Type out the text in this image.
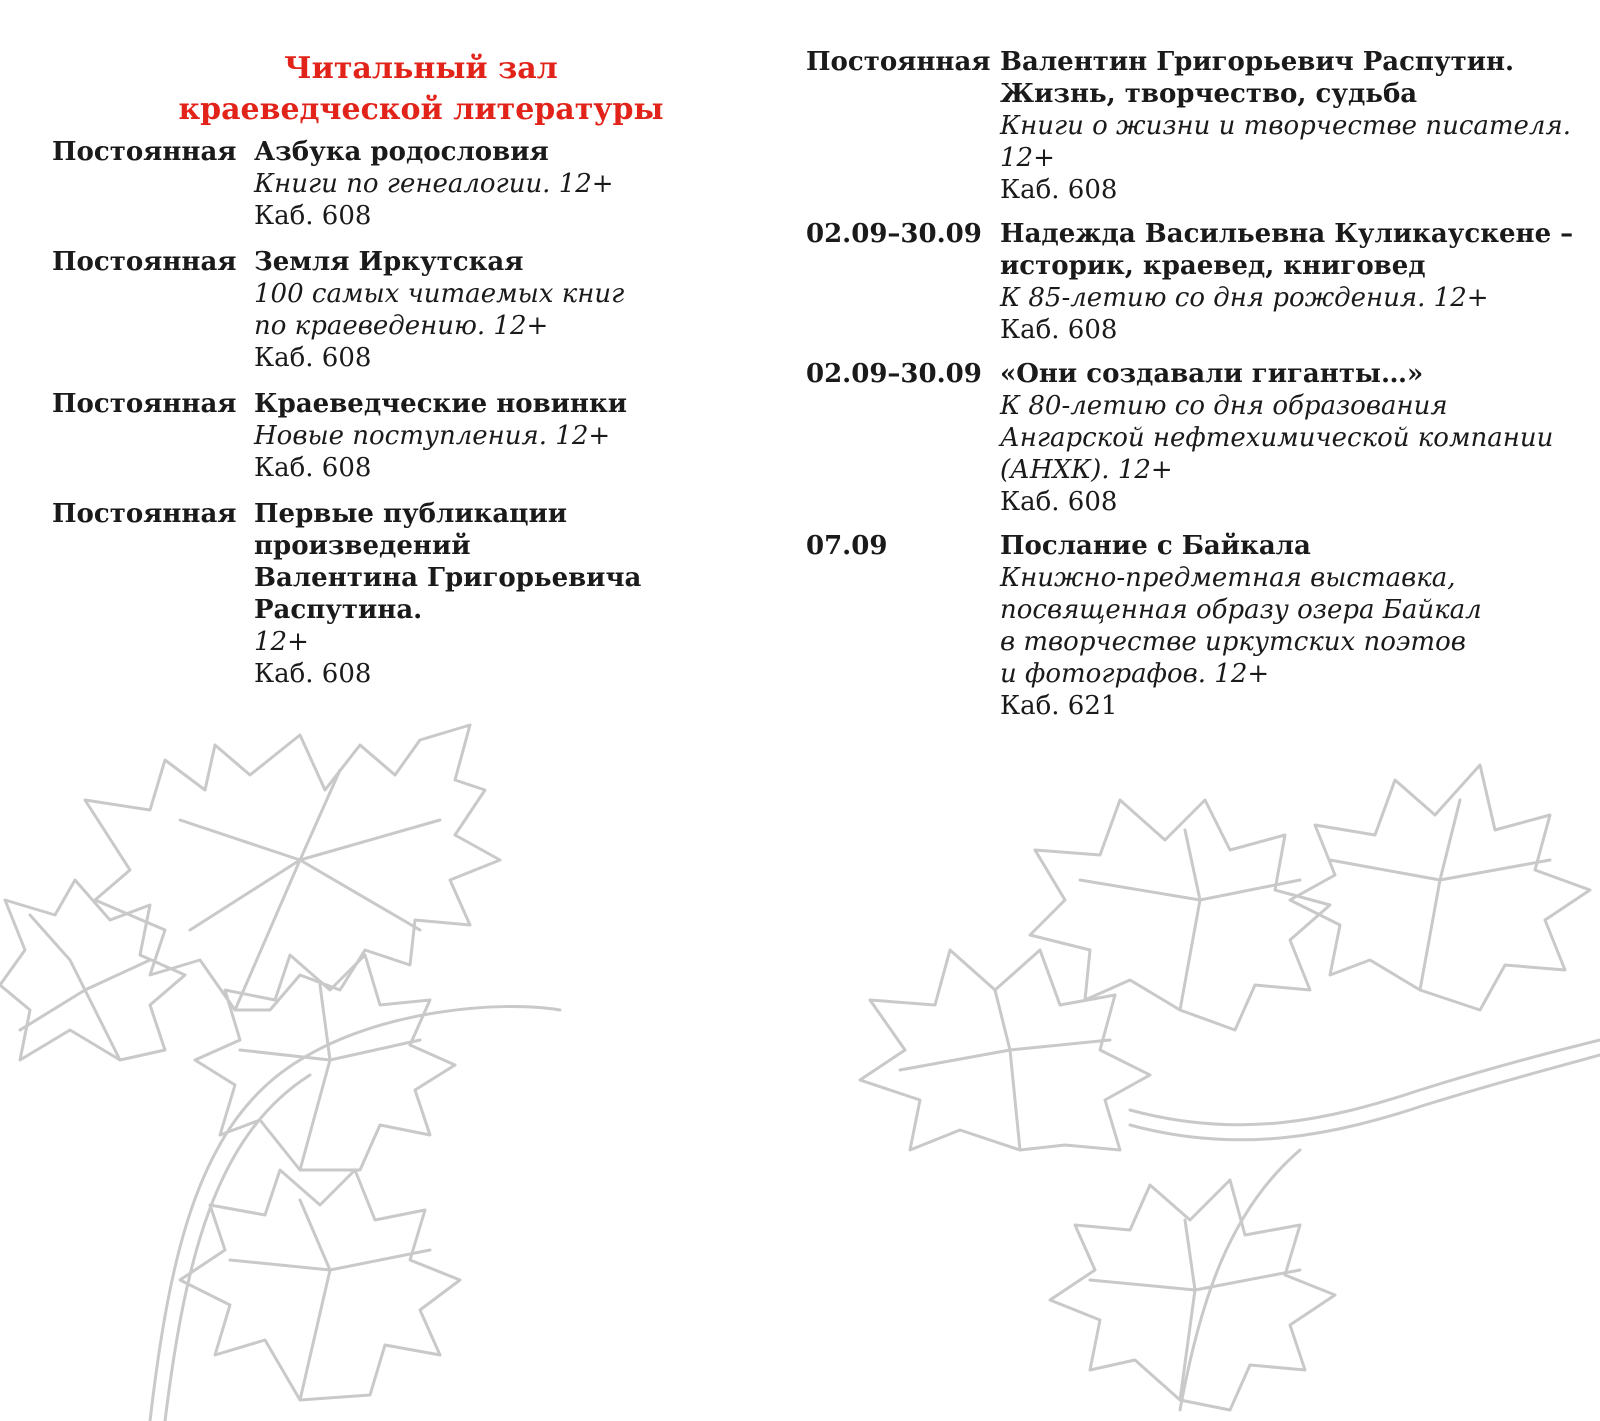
Читальный зал
краеведческой литературы
Постоянная Азбука родословия
Книги по генеалогии. 12+
Каб. 608
Постоянная Земля Иркутская
100 самых читаемых книг
по краеведению. 12+
Каб. 608
Постоянная Краеведческие новинки
Новые поступления. 12+
Каб. 608
Постоянная Первые публикации произведений
Валентина Григорьевича Распутина.
12+
Каб. 608
Постоянная Валентин Григорьевич Распутин.
Жизнь, творчество, судьба
Книги о жизни и творчестве писателя.
12+
Каб. 608
02.09–30.09 Надежда Васильевна Куликаускене –
историк, краевед, книговед
К 85-летию со дня рождения. 12+
Каб. 608
02.09–30.09 «Они создавали гиганты…»
К 80-летию со дня образования
Ангарской нефтехимической компании
(АНХК). 12+
Каб. 608
07.09	Послание с Байкала
Книжно-предметная выставка,
посвященная образу озера Байкал
в творчестве иркутских поэтов
и фотографов. 12+
Каб. 621
